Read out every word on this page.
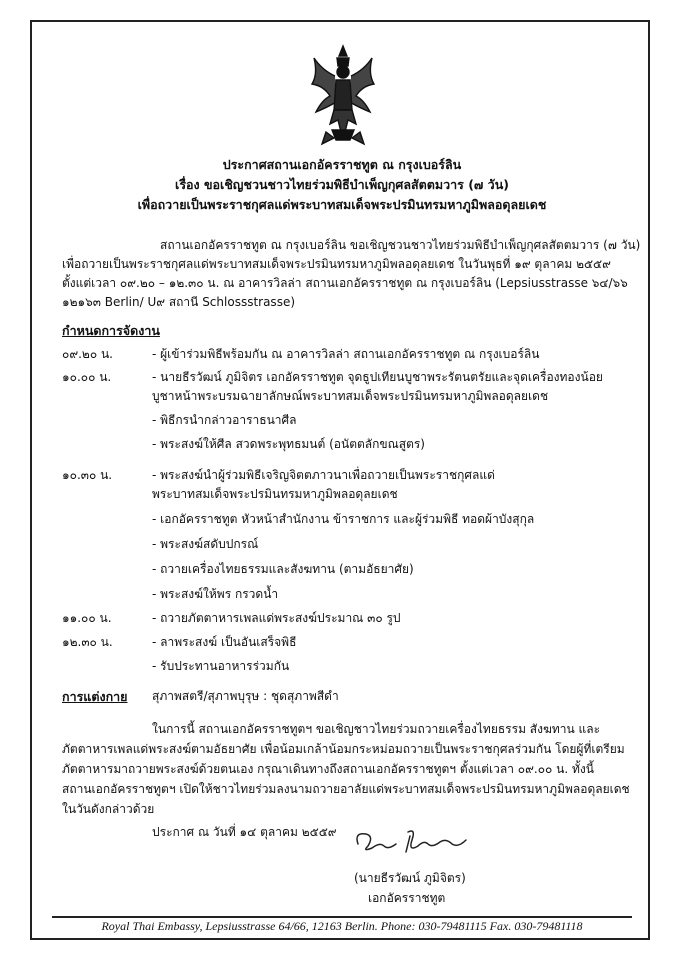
ประกาศสถานเอกอัครราชทูต ณ กรุงเบอร์ลิน
เรื่อง ขอเชิญชวนชาวไทยร่วมพิธีบำเพ็ญกุศลสัตตมวาร (๗ วัน)
เพื่อถวายเป็นพระราชกุศลแด่พระบาทสมเด็จพระปรมินทรมหาภูมิพลอดุลยเดช
สถานเอกอัครราชทูต ณ กรุงเบอร์ลิน ขอเชิญชวนชาวไทยร่วมพิธีบำเพ็ญกุศลสัตตมวาร (๗ วัน)
เพื่อถวายเป็นพระราชกุศลแด่พระบาทสมเด็จพระปรมินทรมหาภูมิพลอดุลยเดช ในวันพุธที่ ๑๙ ตุลาคม ๒๕๕๙
ตั้งแต่เวลา ๐๙.๒๐ – ๑๒.๓๐ น. ณ อาคารวิลล่า สถานเอกอัครราชทูต ณ กรุงเบอร์ลิน (Lepsiusstrasse ๖๔/๖๖
๑๒๑๖๓ Berlin/ U๙ สถานี Schlossstrasse)
กำหนดการจัดงาน
๐๙.๒๐ น.	- ผู้เข้าร่วมพิธีพร้อมกัน ณ อาคารวิลล่า สถานเอกอัครราชทูต ณ กรุงเบอร์ลิน
๑๐.๐๐ น.	- นายธีรวัฒน์ ภูมิจิตร เอกอัครราชทูต จุดธูปเทียนบูชาพระรัตนตรัยและจุดเครื่องทองน้อย
บูชาหน้าพระบรมฉายาลักษณ์พระบาทสมเด็จพระปรมินทรมหาภูมิพลอดุลยเดช
- พิธีกรนำกล่าวอาราธนาศีล
- พระสงฆ์ให้ศีล สวดพระพุทธมนต์ (อนัตตลักขณสูตร)
๑๐.๓๐ น.	- พระสงฆ์นำผู้ร่วมพิธีเจริญจิตตภาวนาเพื่อถวายเป็นพระราชกุศลแด่
พระบาทสมเด็จพระปรมินทรมหาภูมิพลอดุลยเดช
- เอกอัครราชทูต หัวหน้าสำนักงาน ข้าราชการ และผู้ร่วมพิธี ทอดผ้าบังสุกุล
- พระสงฆ์สดับปกรณ์
- ถวายเครื่องไทยธรรมและสังฆทาน (ตามอัธยาศัย)
- พระสงฆ์ให้พร กรวดน้ำ
๑๑.๐๐ น.	- ถวายภัตตาหารเพลแด่พระสงฆ์ประมาณ ๓๐ รูป
๑๒.๓๐ น.	- ลาพระสงฆ์ เป็นอันเสร็จพิธี
- รับประทานอาหารร่วมกัน
การแต่งกาย สุภาพสตรี/สุภาพบุรุษ : ชุดสุภาพสีดำ
ในการนี้ สถานเอกอัครราชทูตฯ ขอเชิญชาวไทยร่วมถวายเครื่องไทยธรรม สังฆทาน และ
ภัตตาหารเพลแด่พระสงฆ์ตามอัธยาศัย เพื่อน้อมเกล้าน้อมกระหม่อมถวายเป็นพระราชกุศลร่วมกัน โดยผู้ที่เตรียม
ภัตตาหารมาถวายพระสงฆ์ด้วยตนเอง กรุณาเดินทางถึงสถานเอกอัครราชทูตฯ ตั้งแต่เวลา ๐๙.๐๐ น. ทั้งนี้
สถานเอกอัครราชทูตฯ เปิดให้ชาวไทยร่วมลงนามถวายอาลัยแด่พระบาทสมเด็จพระปรมินทรมหาภูมิพลอดุลยเดช
ในวันดังกล่าวด้วย
ประกาศ ณ วันที่ ๑๔ ตุลาคม ๒๕๕๙
(นายธีรวัฒน์ ภูมิจิตร)
เอกอัครราชทูต
Royal Thai Embassy, Lepsiusstrasse 64/66, 12163 Berlin. Phone: 030-79481115 Fax. 030-79481118
